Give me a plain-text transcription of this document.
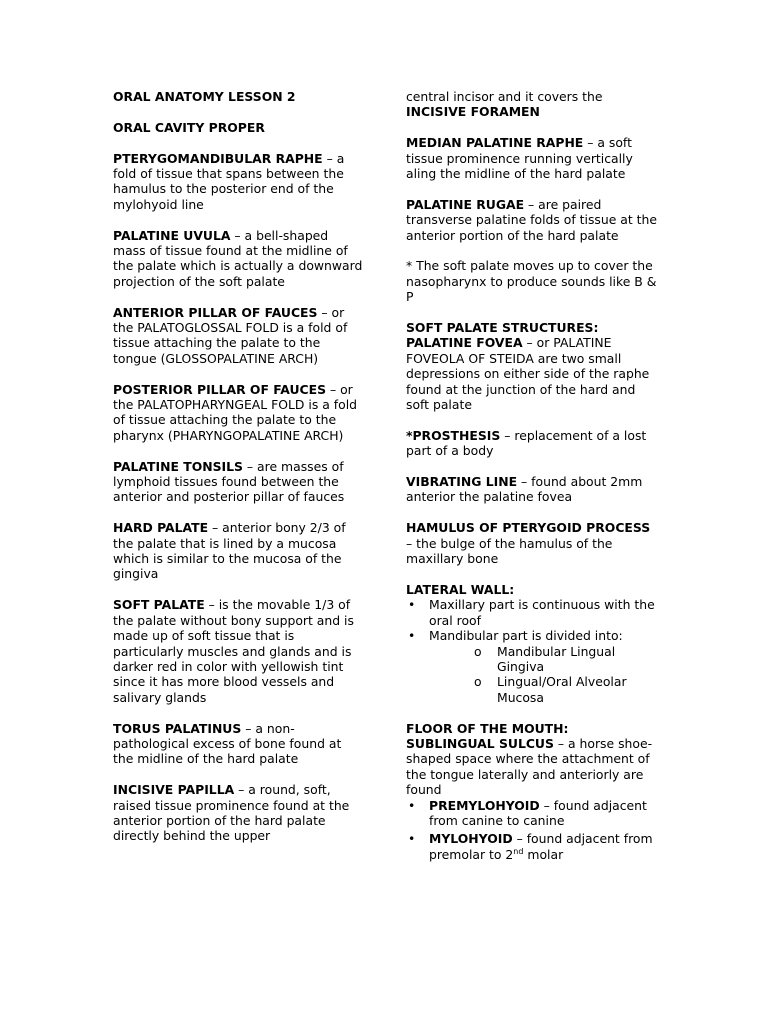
ORAL ANATOMY LESSON 2

ORAL CAVITY PROPER

PTERYGOMANDIBULAR RAPHE – a fold of tissue that spans between the hamulus to the posterior end of the mylohyoid line

PALATINE UVULA – a bell-shaped mass of tissue found at the midline of the palate which is actually a downward projection of the soft palate

ANTERIOR PILLAR OF FAUCES – or the PALATOGLOSSAL FOLD is a fold of tissue attaching the palate to the tongue (GLOSSOPALATINE ARCH)

POSTERIOR PILLAR OF FAUCES – or the PALATOPHARYNGEAL FOLD is a fold of tissue attaching the palate to the pharynx (PHARYNGOPALATINE ARCH)

PALATINE TONSILS – are masses of lymphoid tissues found between the anterior and posterior pillar of fauces

HARD PALATE – anterior bony 2/3 of the palate that is lined by a mucosa which is similar to the mucosa of the gingiva

SOFT PALATE – is the movable 1/3 of the palate without bony support and is made up of soft tissue that is particularly muscles and glands and is darker red in color with yellowish tint since it has more blood vessels and salivary glands

TORUS PALATINUS – a non-pathological excess of bone found at the midline of the hard palate

INCISIVE PAPILLA – a round, soft, raised tissue prominence found at the anterior portion of the hard palate directly behind the upper

central incisor and it covers the INCISIVE FORAMEN

MEDIAN PALATINE RAPHE – a soft tissue prominence running vertically aling the midline of the hard palate

PALATINE RUGAE – are paired transverse palatine folds of tissue at the anterior portion of the hard palate

* The soft palate moves up to cover the nasopharynx to produce sounds like B & P

SOFT PALATE STRUCTURES:
PALATINE FOVEA – or PALATINE FOVEOLA OF STEIDA are two small depressions on either side of the raphe found at the junction of the hard and soft palate

*PROSTHESIS – replacement of a lost part of a body

VIBRATING LINE – found about 2mm anterior the palatine fovea

HAMULUS OF PTERYGOID PROCESS – the bulge of the hamulus of the maxillary bone

LATERAL WALL:

• Maxillary part is continuous with the oral roof
• Mandibular part is divided into:
o Mandibular Lingual Gingiva
o Lingual/Oral Alveolar Mucosa

FLOOR OF THE MOUTH:
SUBLINGUAL SULCUS – a horse shoe-shaped space where the attachment of the tongue laterally and anteriorly are found

• PREMYLOHYOID – found adjacent from canine to canine
• MYLOHYOID – found adjacent from premolar to 2nd molar
